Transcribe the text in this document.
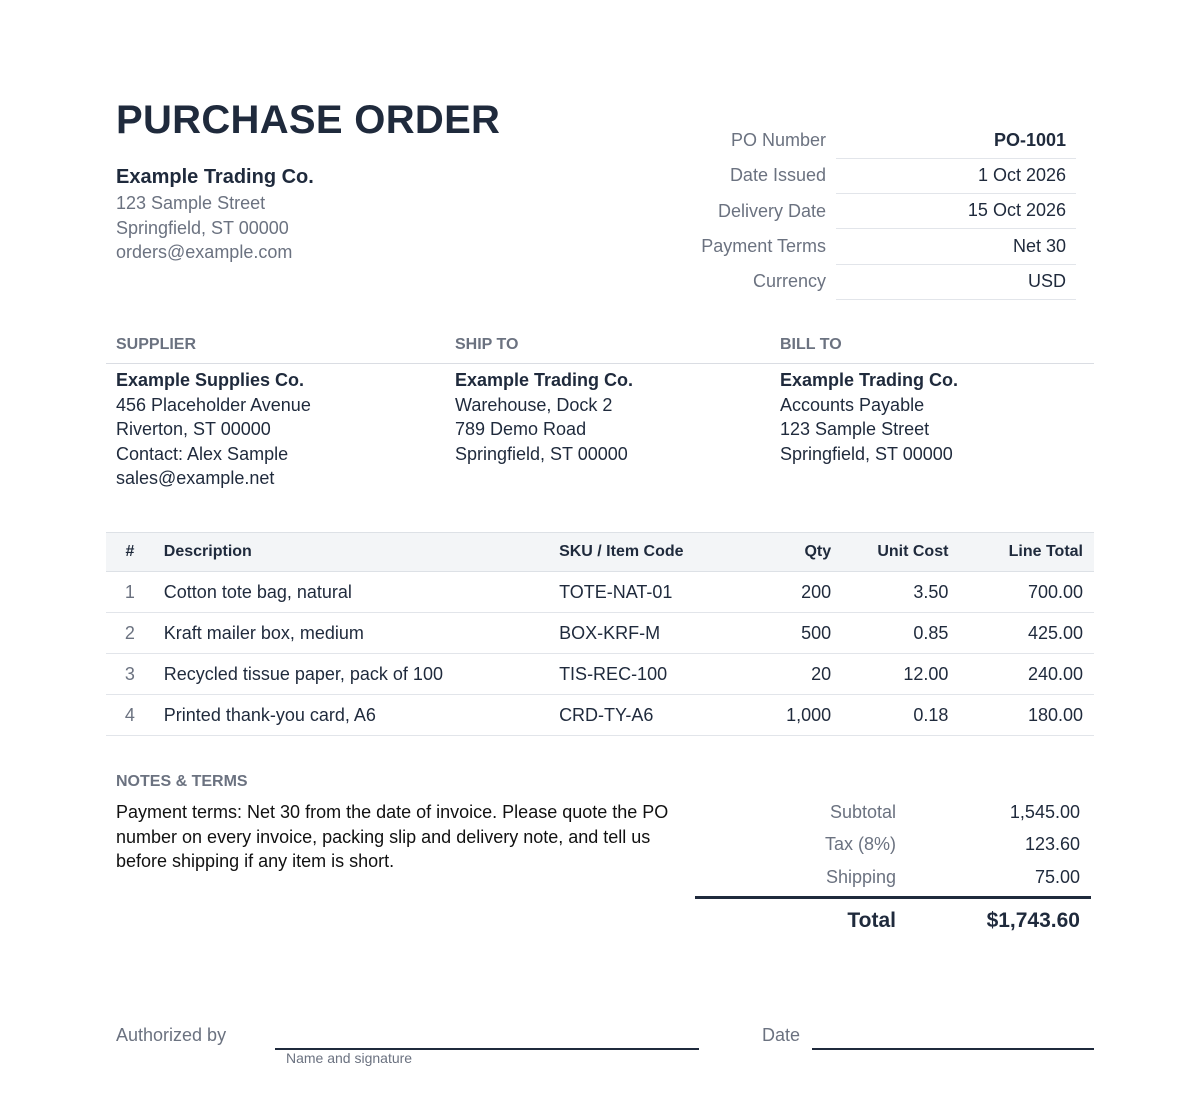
PURCHASE ORDER
Example Trading Co.
123 Sample Street
Springfield, ST 00000
orders@example.com
PO Number	PO-1001
Date Issued	1 Oct 2026
Delivery Date	15 Oct 2026
Payment Terms	Net 30
Currency	USD
SUPPLIER	SHIP TO	BILL TO
Example Supplies Co.
456 Placeholder Avenue
Riverton, ST 00000
Contact: Alex Sample
sales@example.net
Example Trading Co.
Warehouse, Dock 2
789 Demo Road
Springfield, ST 00000
Example Trading Co.
Accounts Payable
123 Sample Street
Springfield, ST 00000
#	Description	SKU / Item Code	Qty	Unit Cost	Line Total
1	Cotton tote bag, natural	TOTE-NAT-01	200	3.50	700.00
2	Kraft mailer box, medium	BOX-KRF-M	500	0.85	425.00
3	Recycled tissue paper, pack of 100	TIS-REC-100	20	12.00	240.00
4	Printed thank-you card, A6	CRD-TY-A6	1,000	0.18	180.00
NOTES & TERMS
Payment terms: Net 30 from the date of invoice. Please quote the PO number on every invoice, packing slip and delivery note, and tell us before shipping if any item is short.
Subtotal	1,545.00
Tax (8%)	123.60
Shipping	75.00
Total	$1,743.60
Authorized by
Name and signature
Date
